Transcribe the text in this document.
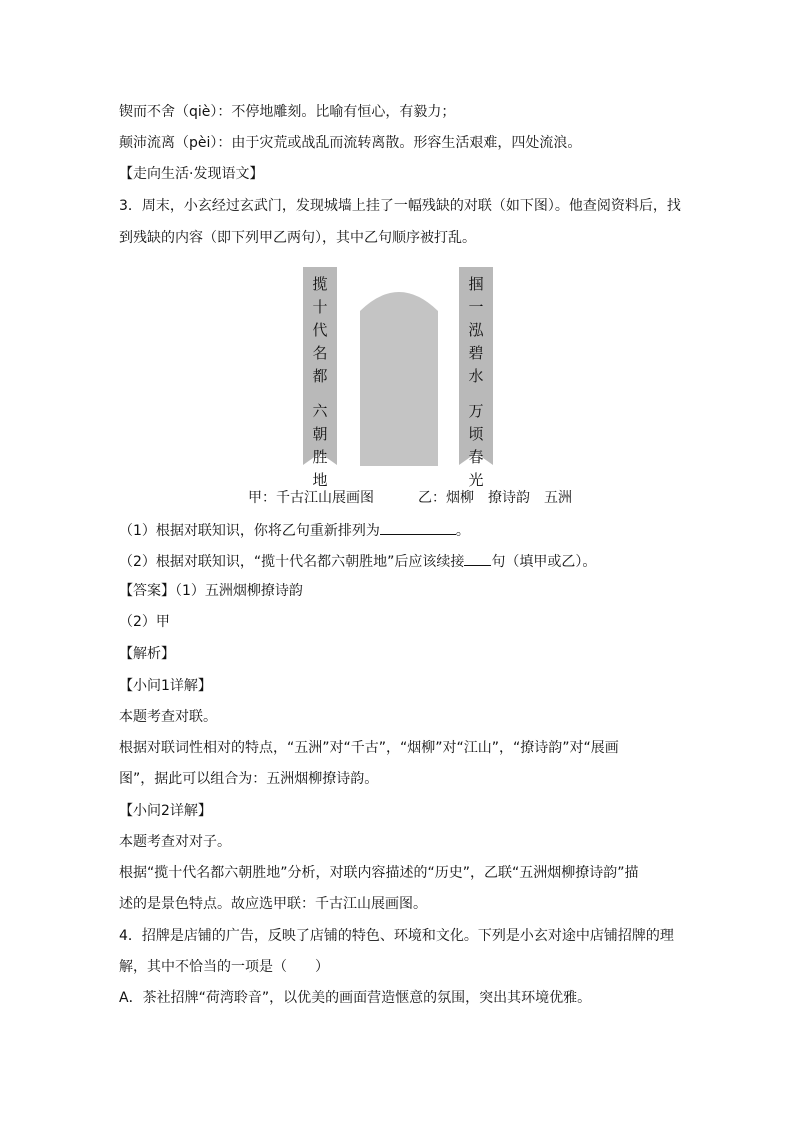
锲而不舍（qiè）：不停地雕刻。比喻有恒心，有毅力；
颠沛流离（pèi）：由于灾荒或战乱而流转离散。形容生活艰难，四处流浪。
【走向生活·发现语文】
3．周末，小玄经过玄武门，发现城墙上挂了一幅残缺的对联（如下图）。他查阅资料后，找
到残缺的内容（即下列甲乙两句），其中乙句顺序被打乱。
揽
十
代
名
都
六
朝
胜
地
掴
一
泓
碧
水
万
顷
春
光
甲：千古江山展画图	乙：烟柳　撩诗韵　五洲
（1）根据对联知识，你将乙句重新排列为	。
（2）根据对联知识，“揽十代名都六朝胜地”后应该续接 句（填甲或乙）。
【答案】（1）五洲烟柳撩诗韵
（2）甲
【解析】
【小问1详解】
本题考查对联。
根据对联词性相对的特点，“五洲”对“千古”，“烟柳”对“江山”，“撩诗韵”对“展画
图”，据此可以组合为：五洲烟柳撩诗韵。
【小问2详解】
本题考查对对子。
根据“揽十代名都六朝胜地”分析，对联内容描述的“历史”，乙联“五洲烟柳撩诗韵”描
述的是景色特点。故应选甲联：千古江山展画图。
4．招牌是店铺的广告，反映了店铺的特色、环境和文化。下列是小玄对途中店铺招牌的理
解，其中不恰当的一项是（　　）
A．茶社招牌“荷湾聆音”，以优美的画面营造惬意的氛围，突出其环境优雅。
